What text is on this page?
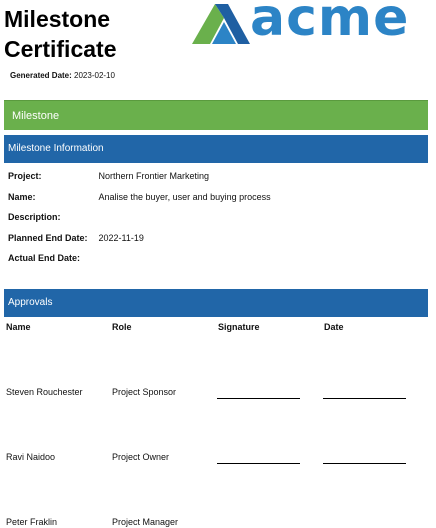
Milestone
Certificate
Generated Date: 2023-02-10
acme
Milestone
Milestone Information
Project:	Northern Frontier Marketing
Name:	Analise the buyer, user and buying process
Description:
Planned End Date: 2022-11-19
Actual End Date:
Approvals
Name	Role	Signature	Date
Steven Rouchester	Project Sponsor
Ravi Naidoo	Project Owner
Peter Fraklin	Project Manager
